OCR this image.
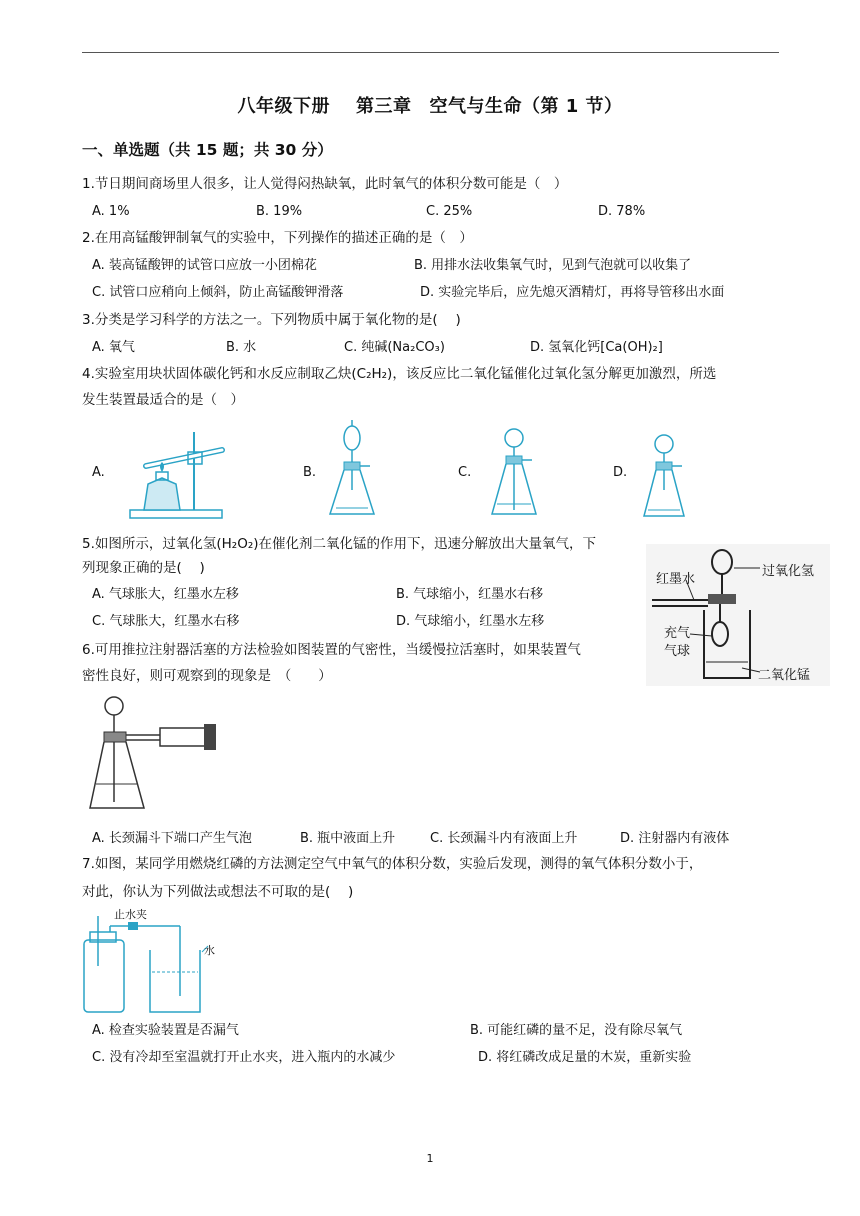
八年级下册 第三章 空气与生命（第 1 节）
一、单选题（共 15 题；共 30 分）
1.节日期间商场里人很多，让人觉得闷热缺氧，此时氧气的体积分数可能是（　）
A. 1%	B. 19%	C. 25%	D. 78%
2.在用高锰酸钾制氧气的实验中，下列操作的描述正确的是（　）
A. 装高锰酸钾的试管口应放一小团棉花	B. 用排水法收集氧气时，见到气泡就可以收集了
C. 试管口应稍向上倾斜，防止高锰酸钾滑落	D. 实验完毕后，应先熄灭酒精灯，再将导管移出水面
3.分类是学习科学的方法之一。下列物质中属于氧化物的是(　 )
A. 氧气	B. 水	C. 纯碱(Na₂CO₃)	D. 氢氧化钙[Ca(OH)₂]
4.实验室用块状固体碳化钙和水反应制取乙炔(C₂H₂)，该反应比二氧化锰催化过氧化氢分解更加激烈，所选
发生装置最适合的是（　）
A.	B.	C.	D.
5.如图所示，过氧化氢(H₂O₂)在催化剂二氧化锰的作用下，迅速分解放出大量氧气，下
列现象正确的是(　 )
A. 气球胀大，红墨水左移	B. 气球缩小，红墨水右移
C. 气球胀大，红墨水右移	D. 气球缩小，红墨水左移
红墨水
过氧化氢
充气
气球
二氧化锰
6.可用推拉注射器活塞的方法检验如图装置的气密性，当缓慢拉活塞时，如果装置气
密性良好，则可观察到的现象是　（　　）
A. 长颈漏斗下端口产生气泡	B. 瓶中液面上升	C. 长颈漏斗内有液面上升	D. 注射器内有液体
7.如图，某同学用燃烧红磷的方法测定空气中氧气的体积分数，实验后发现，测得的氧气体积分数小于，
对此，你认为下列做法或想法不可取的是(　 )
止水夹
水
A. 检查实验装置是否漏气	B. 可能红磷的量不足，没有除尽氧气
C. 没有冷却至室温就打开止水夹，进入瓶内的水减少	D. 将红磷改成足量的木炭，重新实验
1
